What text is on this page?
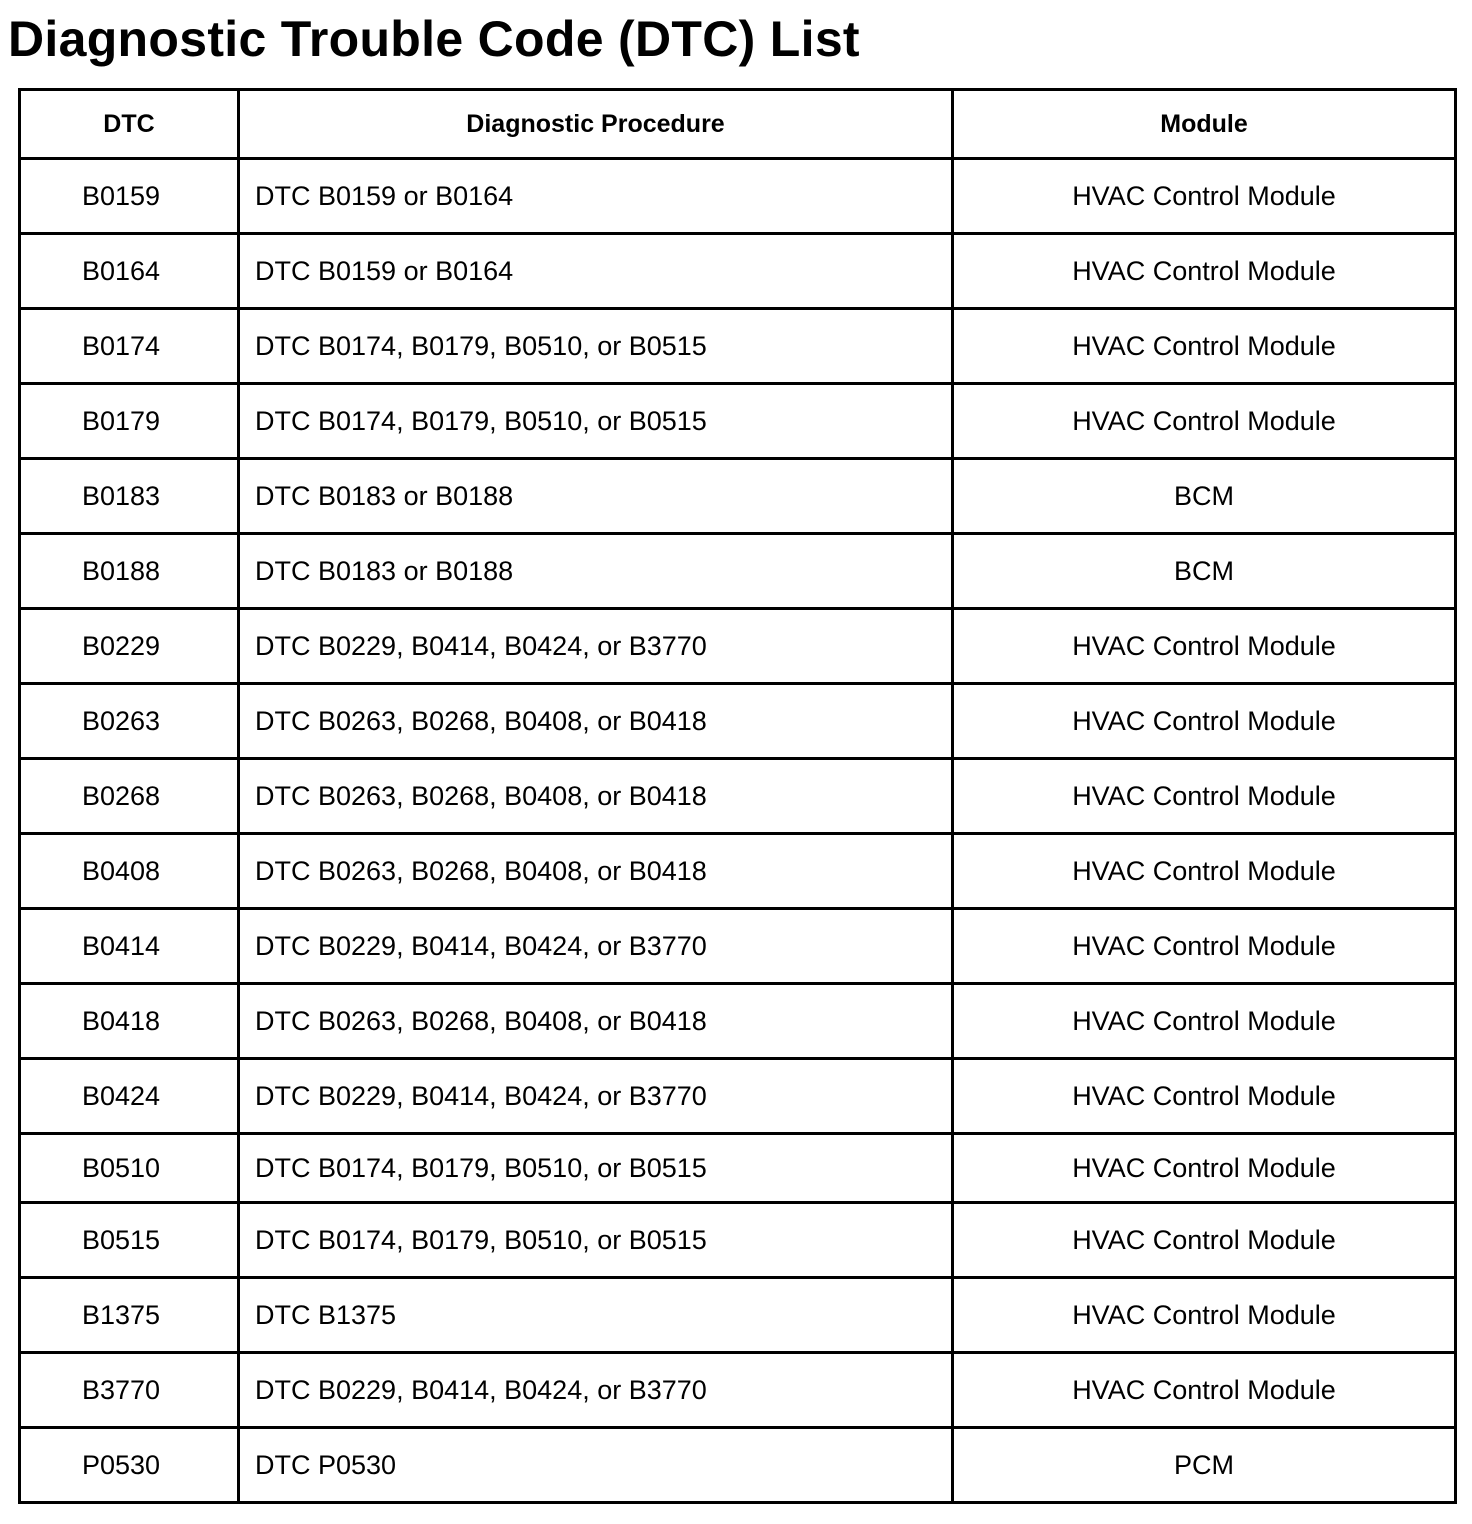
Diagnostic Trouble Code (DTC) List
DTC	Diagnostic Procedure	Module
B0159	DTC B0159 or B0164	HVAC Control Module
B0164	DTC B0159 or B0164	HVAC Control Module
B0174	DTC B0174, B0179, B0510, or B0515	HVAC Control Module
B0179	DTC B0174, B0179, B0510, or B0515	HVAC Control Module
B0183	DTC B0183 or B0188	BCM
B0188	DTC B0183 or B0188	BCM
B0229	DTC B0229, B0414, B0424, or B3770	HVAC Control Module
B0263	DTC B0263, B0268, B0408, or B0418	HVAC Control Module
B0268	DTC B0263, B0268, B0408, or B0418	HVAC Control Module
B0408	DTC B0263, B0268, B0408, or B0418	HVAC Control Module
B0414	DTC B0229, B0414, B0424, or B3770	HVAC Control Module
B0418	DTC B0263, B0268, B0408, or B0418	HVAC Control Module
B0424	DTC B0229, B0414, B0424, or B3770	HVAC Control Module
B0510	DTC B0174, B0179, B0510, or B0515	HVAC Control Module
B0515	DTC B0174, B0179, B0510, or B0515	HVAC Control Module
B1375	DTC B1375	HVAC Control Module
B3770	DTC B0229, B0414, B0424, or B3770	HVAC Control Module
P0530	DTC P0530	PCM
